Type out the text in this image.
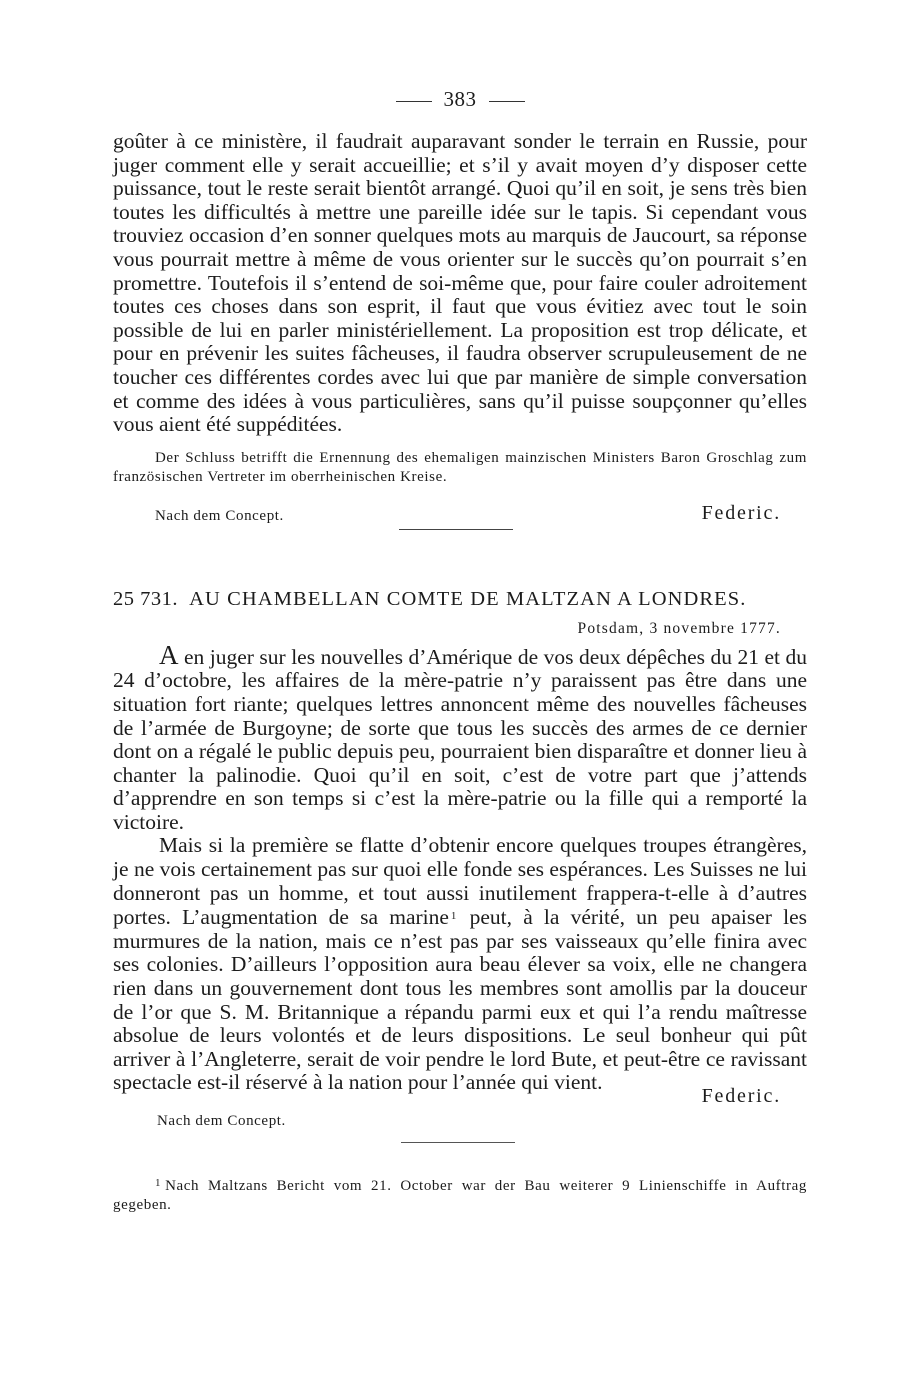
383

goûter à ce ministère, il faudrait auparavant sonder le terrain en Russie, pour juger comment elle y serait accueillie; et s’il y avait moyen d’y disposer cette puissance, tout le reste serait bientôt arrangé. Quoi qu’il en soit, je sens très bien toutes les difficultés à mettre une pareille idée sur le tapis. Si cependant vous trouviez occasion d’en sonner quelques mots au marquis de Jaucourt, sa réponse vous pourrait mettre à même de vous orienter sur le succès qu’on pourrait s’en promettre. Toutefois il s’entend de soi-même que, pour faire couler adroitement toutes ces choses dans son esprit, il faut que vous évitiez avec tout le soin possible de lui en parler ministériellement. La proposition est trop délicate, et pour en prévenir les suites fâcheuses, il faudra observer scrupuleusement de ne toucher ces différentes cordes avec lui que par manière de simple conversation et comme des idées à vous particulières, sans qu’il puisse soupçonner qu’elles vous aient été suppéditées.

Der Schluss betrifft die Ernennung des ehemaligen mainzischen Ministers Baron Groschlag zum französischen Vertreter im oberrheinischen Kreise.

Nach dem Concept.	Federic.
25 731. AU CHAMBELLAN COMTE DE MALTZAN A LONDRES.
Potsdam, 3 novembre 1777.

A en juger sur les nouvelles d’Amérique de vos deux dépêches du 21 et du 24 d’octobre, les affaires de la mère-patrie n’y paraissent pas être dans une situation fort riante; quelques lettres annoncent même des nouvelles fâcheuses de l’armée de Burgoyne; de sorte que tous les succès des armes de ce dernier dont on a régalé le public depuis peu, pourraient bien disparaître et donner lieu à chanter la palinodie. Quoi qu’il en soit, c’est de votre part que j’attends d’apprendre en son temps si c’est la mère-patrie ou la fille qui a remporté la victoire.

Mais si la première se flatte d’obtenir encore quelques troupes étrangères, je ne vois certainement pas sur quoi elle fonde ses espérances. Les Suisses ne lui donneront pas un homme, et tout aussi inutilement frappera-t-elle à d’autres portes. L’augmentation de sa marine $^1$ peut, à la vérité, un peu apaiser les murmures de la nation, mais ce n’est pas par ses vaisseaux qu’elle finira avec ses colonies. D’ailleurs l’opposition aura beau élever sa voix, elle ne changera rien dans un gouvernement dont tous les membres sont amollis par la douceur de l’or que S. M. Britannique a répandu parmi eux et qui l’a rendu maîtresse absolue de leurs volontés et de leurs dispositions. Le seul bonheur qui pût arriver à l’Angleterre, serait de voir pendre le lord Bute, et peut-être ce ravissant spectacle est-il réservé à la nation pour l’année qui vient.
Federic.

Nach dem Concept.

$^1$ Nach Maltzans Bericht vom 21. October war der Bau weiterer 9 Linienschiffe in Auftrag gegeben.
